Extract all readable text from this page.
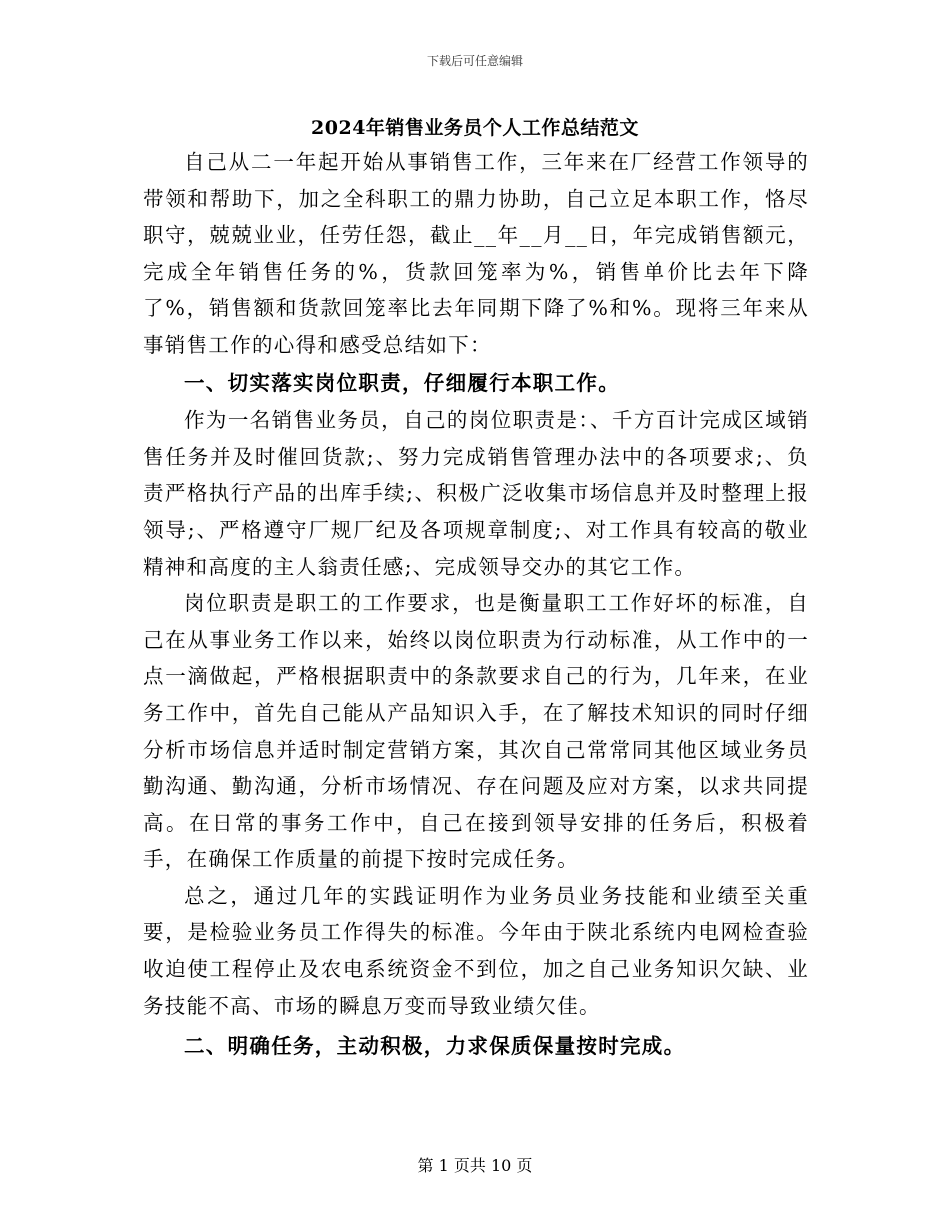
下载后可任意编辑
2024年销售业务员个人工作总结范文

自己从二一年起开始从事销售工作，三年来在厂经营工作领导的带领和帮助下，加之全科职工的鼎力协助，自己立足本职工作，恪尽职守，兢兢业业，任劳任怨，截止__年__月__日，年完成销售额元，完成全年销售任务的%，货款回笼率为%，销售单价比去年下降了%，销售额和货款回笼率比去年同期下降了%和%。现将三年来从事销售工作的心得和感受总结如下：

一、切实落实岗位职责，仔细履行本职工作。

作为一名销售业务员，自己的岗位职责是：、千方百计完成区域销售任务并及时催回货款;、努力完成销售管理办法中的各项要求;、负责严格执行产品的出库手续;、积极广泛收集市场信息并及时整理上报领导;、严格遵守厂规厂纪及各项规章制度;、对工作具有较高的敬业精神和高度的主人翁责任感;、完成领导交办的其它工作。

岗位职责是职工的工作要求，也是衡量职工工作好坏的标准，自己在从事业务工作以来，始终以岗位职责为行动标准，从工作中的一点一滴做起，严格根据职责中的条款要求自己的行为，几年来，在业务工作中，首先自己能从产品知识入手，在了解技术知识的同时仔细分析市场信息并适时制定营销方案，其次自己常常同其他区域业务员勤沟通、勤沟通，分析市场情况、存在问题及应对方案，以求共同提高。在日常的事务工作中，自己在接到领导安排的任务后，积极着手，在确保工作质量的前提下按时完成任务。

总之，通过几年的实践证明作为业务员业务技能和业绩至关重要，是检验业务员工作得失的标准。今年由于陕北系统内电网检查验收迫使工程停止及农电系统资金不到位，加之自己业务知识欠缺、业务技能不高、市场的瞬息万变而导致业绩欠佳。

二、明确任务，主动积极，力求保质保量按时完成。

第 1 页共 10 页
